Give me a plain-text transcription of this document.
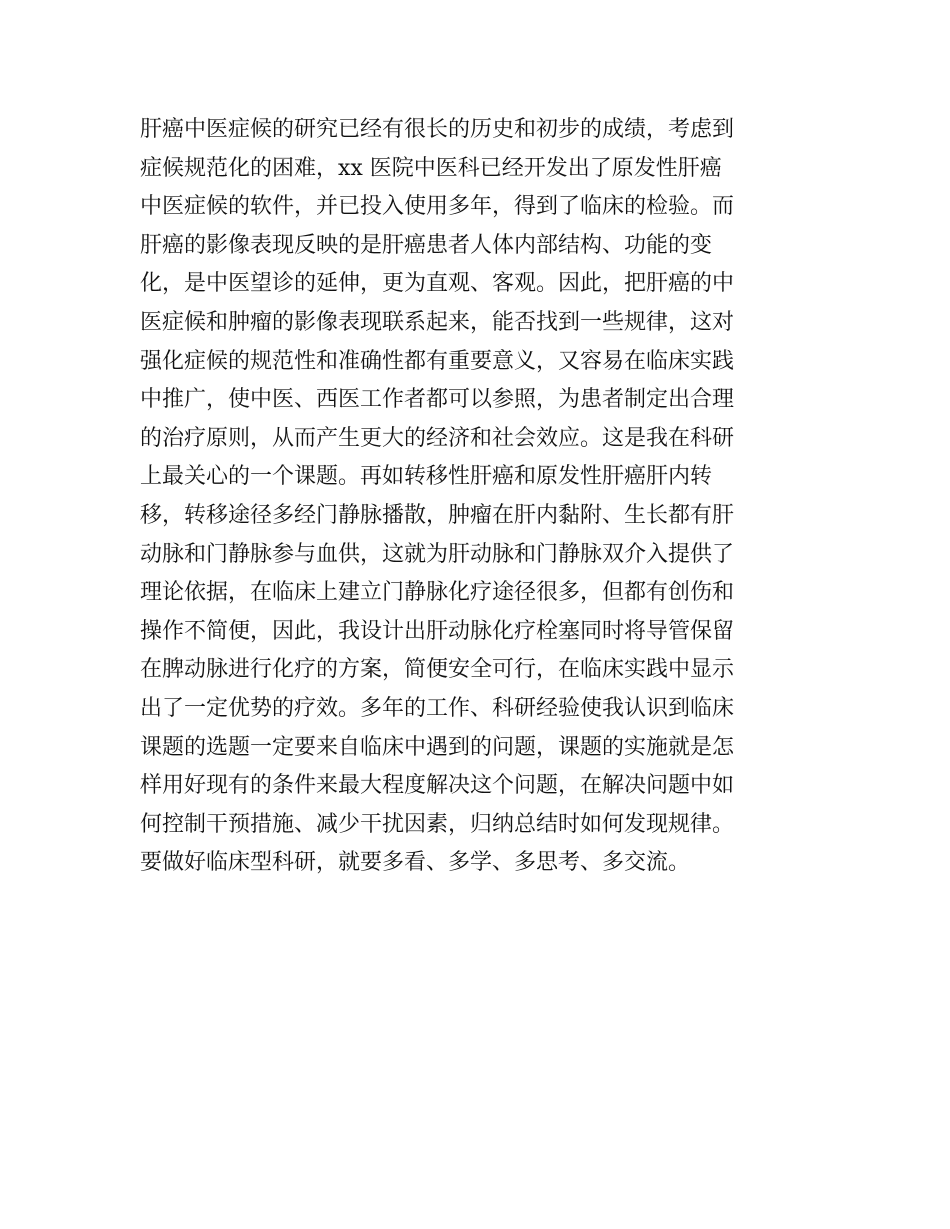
肝癌中医症候的研究已经有很长的历史和初步的成绩，考虑到
症候规范化的困难，xx 医院中医科已经开发出了原发性肝癌
中医症候的软件，并已投入使用多年，得到了临床的检验。而
肝癌的影像表现反映的是肝癌患者人体内部结构、功能的变
化，是中医望诊的延伸，更为直观、客观。因此，把肝癌的中
医症候和肿瘤的影像表现联系起来，能否找到一些规律，这对
强化症候的规范性和准确性都有重要意义，又容易在临床实践
中推广，使中医、西医工作者都可以参照，为患者制定出合理
的治疗原则，从而产生更大的经济和社会效应。这是我在科研
上最关心的一个课题。再如转移性肝癌和原发性肝癌肝内转
移，转移途径多经门静脉播散，肿瘤在肝内黏附、生长都有肝
动脉和门静脉参与血供，这就为肝动脉和门静脉双介入提供了
理论依据，在临床上建立门静脉化疗途径很多，但都有创伤和
操作不简便，因此，我设计出肝动脉化疗栓塞同时将导管保留
在脾动脉进行化疗的方案，简便安全可行，在临床实践中显示
出了一定优势的疗效。多年的工作、科研经验使我认识到临床
课题的选题一定要来自临床中遇到的问题，课题的实施就是怎
样用好现有的条件来最大程度解决这个问题，在解决问题中如
何控制干预措施、减少干扰因素，归纳总结时如何发现规律。
要做好临床型科研，就要多看、多学、多思考、多交流。
